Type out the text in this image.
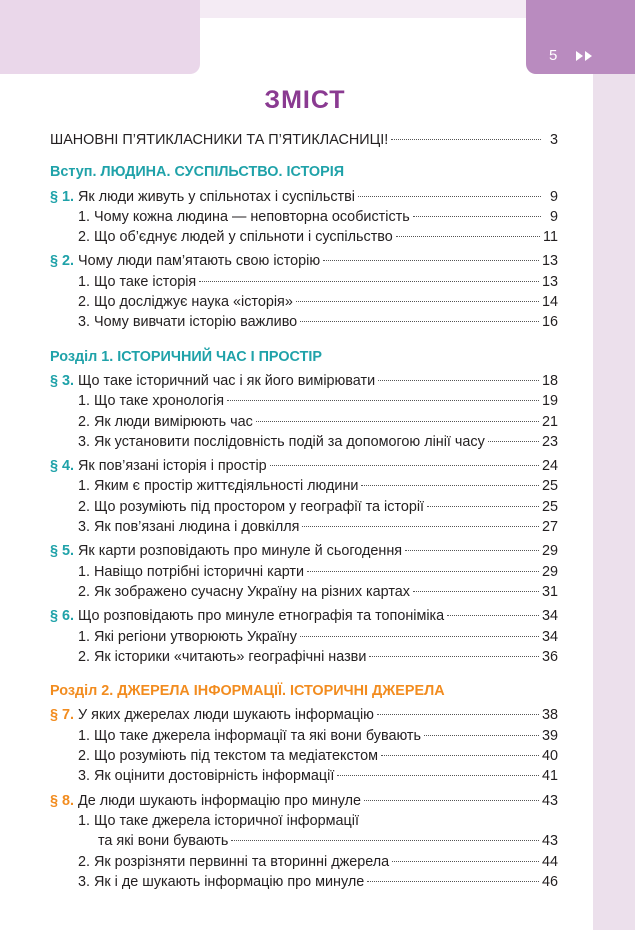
5
ЗМІСТ
ШАНОВНІ П’ЯТИКЛАСНИКИ ТА П’ЯТИКЛАСНИЦІ!	3
Вступ. ЛЮДИНА. СУСПІЛЬСТВО. ІСТОРІЯ
§ 1. Як люди живуть у спільнотах і суспільстві	9
1. Чому кожна людина — неповторна особистість	9
2. Що об’єднує людей у спільноти і суспільство	11
§ 2. Чому люди пам’ятають свою історію	13
1. Що таке історія	13
2. Що досліджує наука «історія»	14
3. Чому вивчати історію важливо	16
Розділ 1. ІСТОРИЧНИЙ ЧАС І ПРОСТІР
§ 3. Що таке історичний час і як його вимірювати	18
1. Що таке хронологія	19
2. Як люди вимірюють час	21
3. Як установити послідовність подій за допомогою лінії часу	23
§ 4. Як пов’язані історія і простір	24
1. Яким є простір життєдіяльності людини	25
2. Що розуміють під простором у географії та історії	25
3. Як пов’язані людина і довкілля	27
§ 5. Як карти розповідають про минуле й сьогодення	29
1. Навіщо потрібні історичні карти	29
2. Як зображено сучасну Україну на різних картах	31
§ 6. Що розповідають про минуле етнографія та топоніміка	34
1. Які регіони утворюють Україну	34
2. Як історики «читають» географічні назви	36
Розділ 2. ДЖЕРЕЛА ІНФОРМАЦІЇ. ІСТОРИЧНІ ДЖЕРЕЛА
§ 7. У яких джерелах люди шукають інформацію	38
1. Що таке джерела інформації та які вони бувають	39
2. Що розуміють під текстом та медіатекстом	40
3. Як оцінити достовірність інформації	41
§ 8. Де люди шукають інформацію про минуле	43
1. Що таке джерела історичної інформації
та які вони бувають	43
2. Як розрізняти первинні та вторинні джерела	44
3. Як і де шукають інформацію про минуле	46
